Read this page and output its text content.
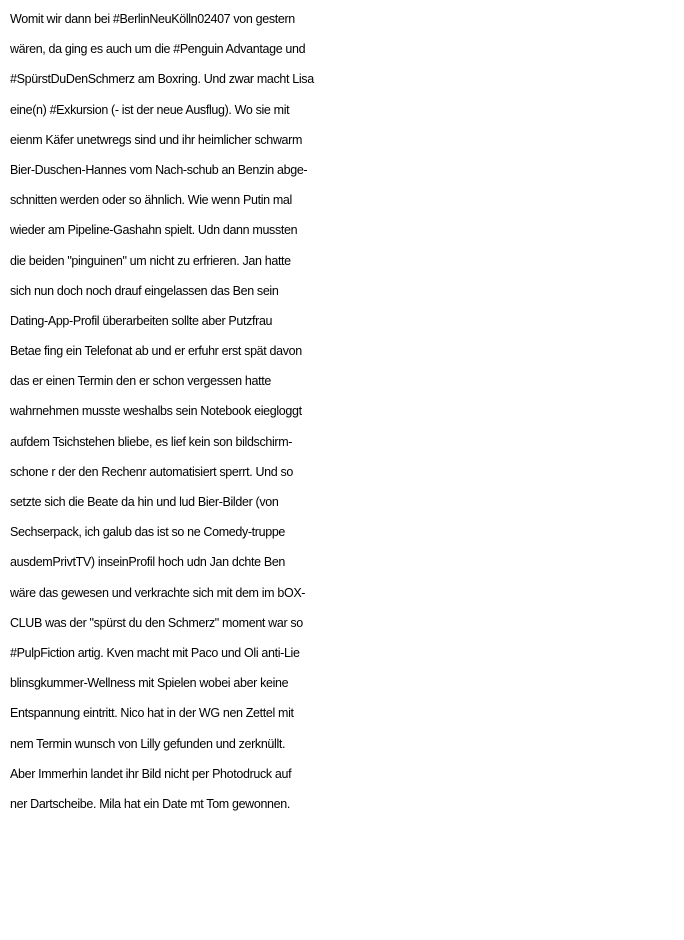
Womit wir dann bei #BerlinNeuKölln02407 von gestern
wären, da ging es auch um die #Penguin Advantage und
#SpürstDuDenSchmerz am Boxring. Und zwar macht Lisa
eine(n) #Exkursion (- ist der neue Ausflug). Wo sie mit
eienm Käfer unetwregs sind und ihr heimlicher schwarm
Bier-Duschen-Hannes vom Nach-schub an Benzin abge-
schnitten werden oder so ähnlich. Wie wenn Putin mal
wieder am Pipeline-Gashahn spielt. Udn dann mussten
die beiden "pinguinen" um nicht zu erfrieren. Jan hatte
sich nun doch noch drauf eingelassen das Ben sein
Dating-App-Profil überarbeiten sollte aber Putzfrau
Betae fing ein Telefonat ab und er erfuhr erst spät davon
das er einen Termin den er schon vergessen hatte
wahrnehmen musste weshalbs sein Notebook eiegloggt
aufdem Tsichstehen bliebe, es lief kein son bildschirm-
schone r der den Rechenr automatisiert sperrt. Und so
setzte sich die Beate da hin und lud Bier-Bilder (von
Sechserpack, ich galub das ist so ne Comedy-truppe
ausdemPrivtTV) inseinProfil hoch udn Jan dchte Ben
wäre das gewesen und verkrachte sich mit dem im bOX-
CLUB was der "spürst du den Schmerz" moment war so
#PulpFiction artig. Kven macht mit Paco und Oli anti-Lie
blinsgkummer-Wellness mit Spielen wobei aber keine
Entspannung eintritt. Nico hat in der WG nen Zettel mit
nem Termin wunsch von Lilly gefunden und zerknüllt.
Aber Immerhin landet ihr Bild nicht per Photodruck auf
ner Dartscheibe. Mila hat ein Date mt Tom gewonnen.
